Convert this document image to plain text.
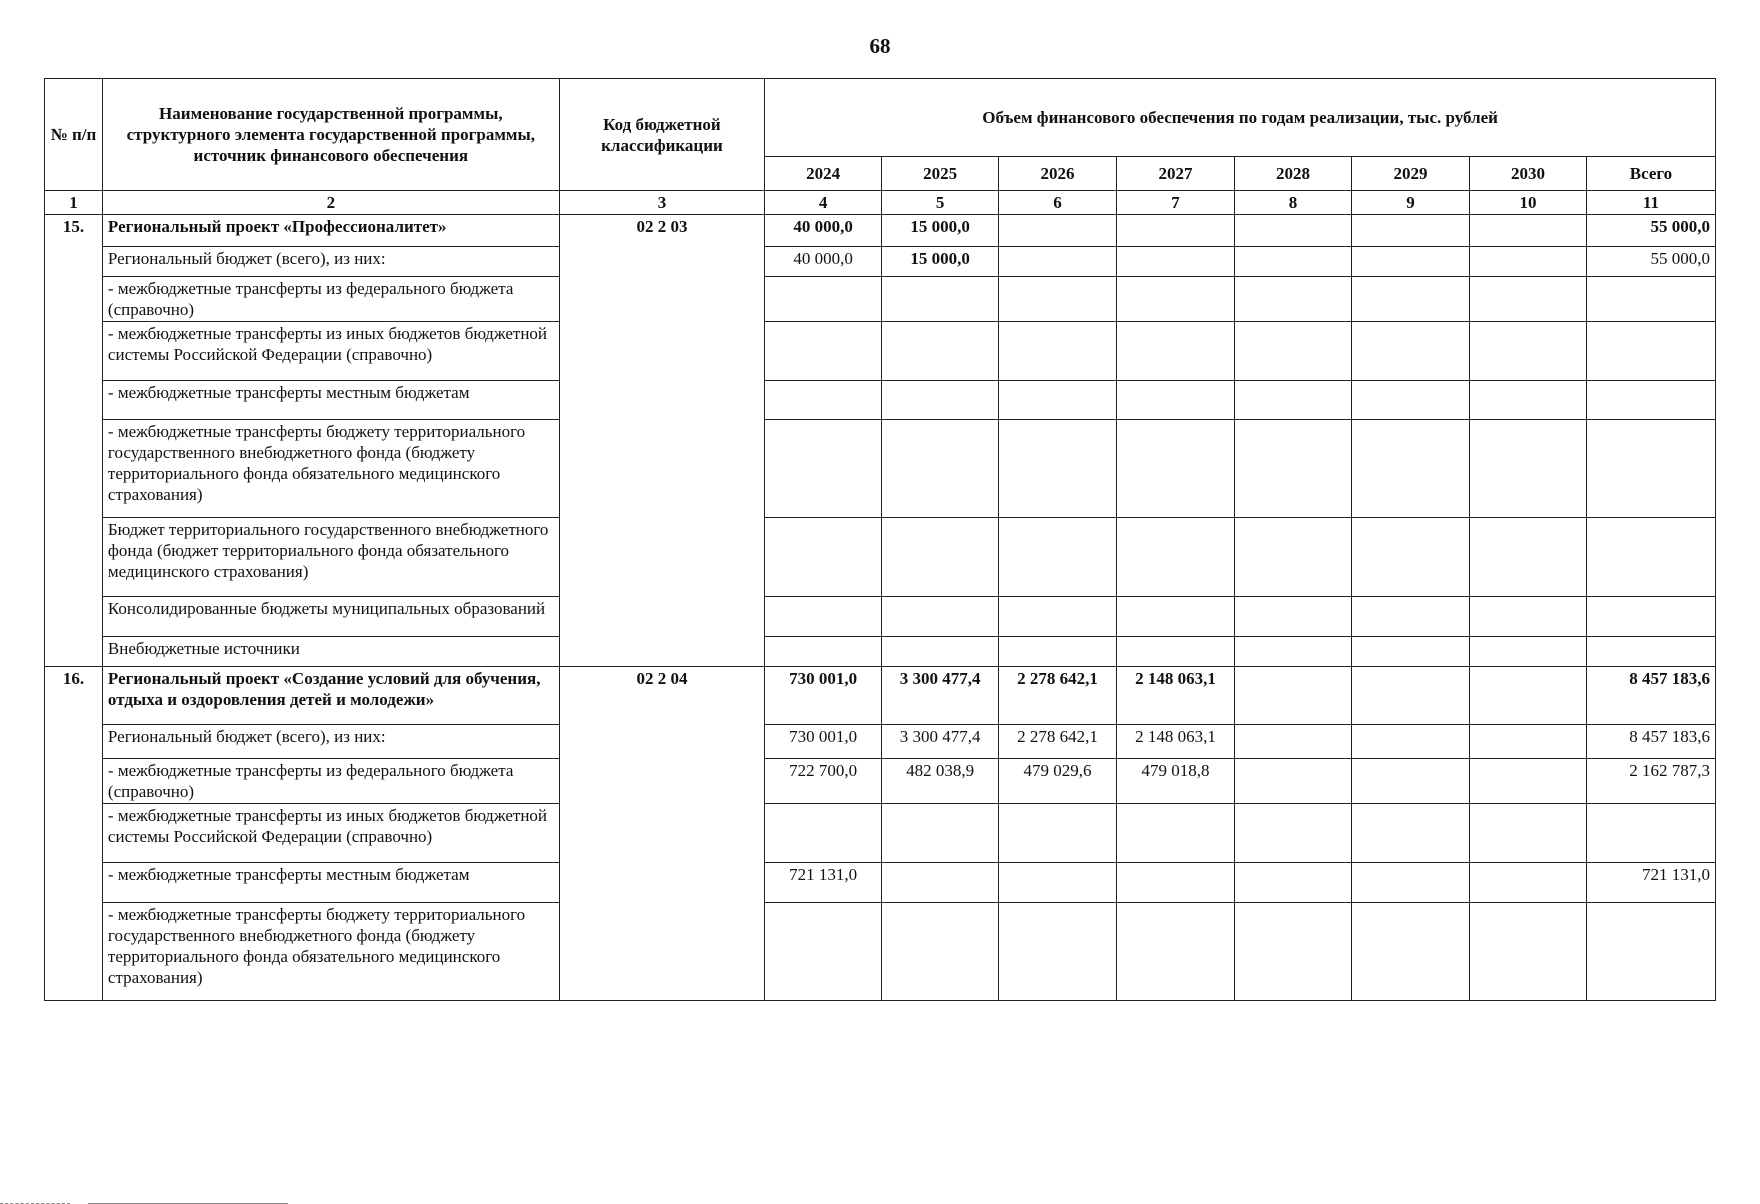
68
№ п/п	Наименование государственной программы, структурного элемента государственной программы, источник финансового обеспечения	Код бюджетной классификации	Объем финансового обеспечения по годам реализации, тыс. рублей							
			2024	2025	2026	2027	2028	2029	2030	Всего
1	2	3	4	5	6	7	8	9	10	11
15.	Региональный проект «Профессионалитет»	02 2 03	40 000,0	15 000,0						55 000,0
	Региональный бюджет (всего), из них:		40 000,0	15 000,0						55 000,0
	- межбюджетные трансферты из федерального бюджета (справочно)									
	- межбюджетные трансферты из иных бюджетов бюджетной системы Российской Федерации (справочно)									
	- межбюджетные трансферты местным бюджетам									
	- межбюджетные трансферты бюджету территориального государственного внебюджетного фонда (бюджету территориального фонда обязательного медицинского страхования)									
	Бюджет территориального государственного внебюджетного фонда (бюджет территориального фонда обязательного медицинского страхования)									
	Консолидированные бюджеты муниципальных образований									
	Внебюджетные источники									
16.	Региональный проект «Создание условий для обучения, отдыха и оздоровления детей и молодежи»	02 2 04	730 001,0	3 300 477,4	2 278 642,1	2 148 063,1				8 457 183,6
	Региональный бюджет (всего), из них:		730 001,0	3 300 477,4	2 278 642,1	2 148 063,1				8 457 183,6
	- межбюджетные трансферты из федерального бюджета (справочно)		722 700,0	482 038,9	479 029,6	479 018,8				2 162 787,3
	- межбюджетные трансферты из иных бюджетов бюджетной системы Российской Федерации (справочно)									
	- межбюджетные трансферты местным бюджетам		721 131,0							721 131,0
	- межбюджетные трансферты бюджету территориального государственного внебюджетного фонда (бюджету территориального фонда обязательного медицинского страхования)									
